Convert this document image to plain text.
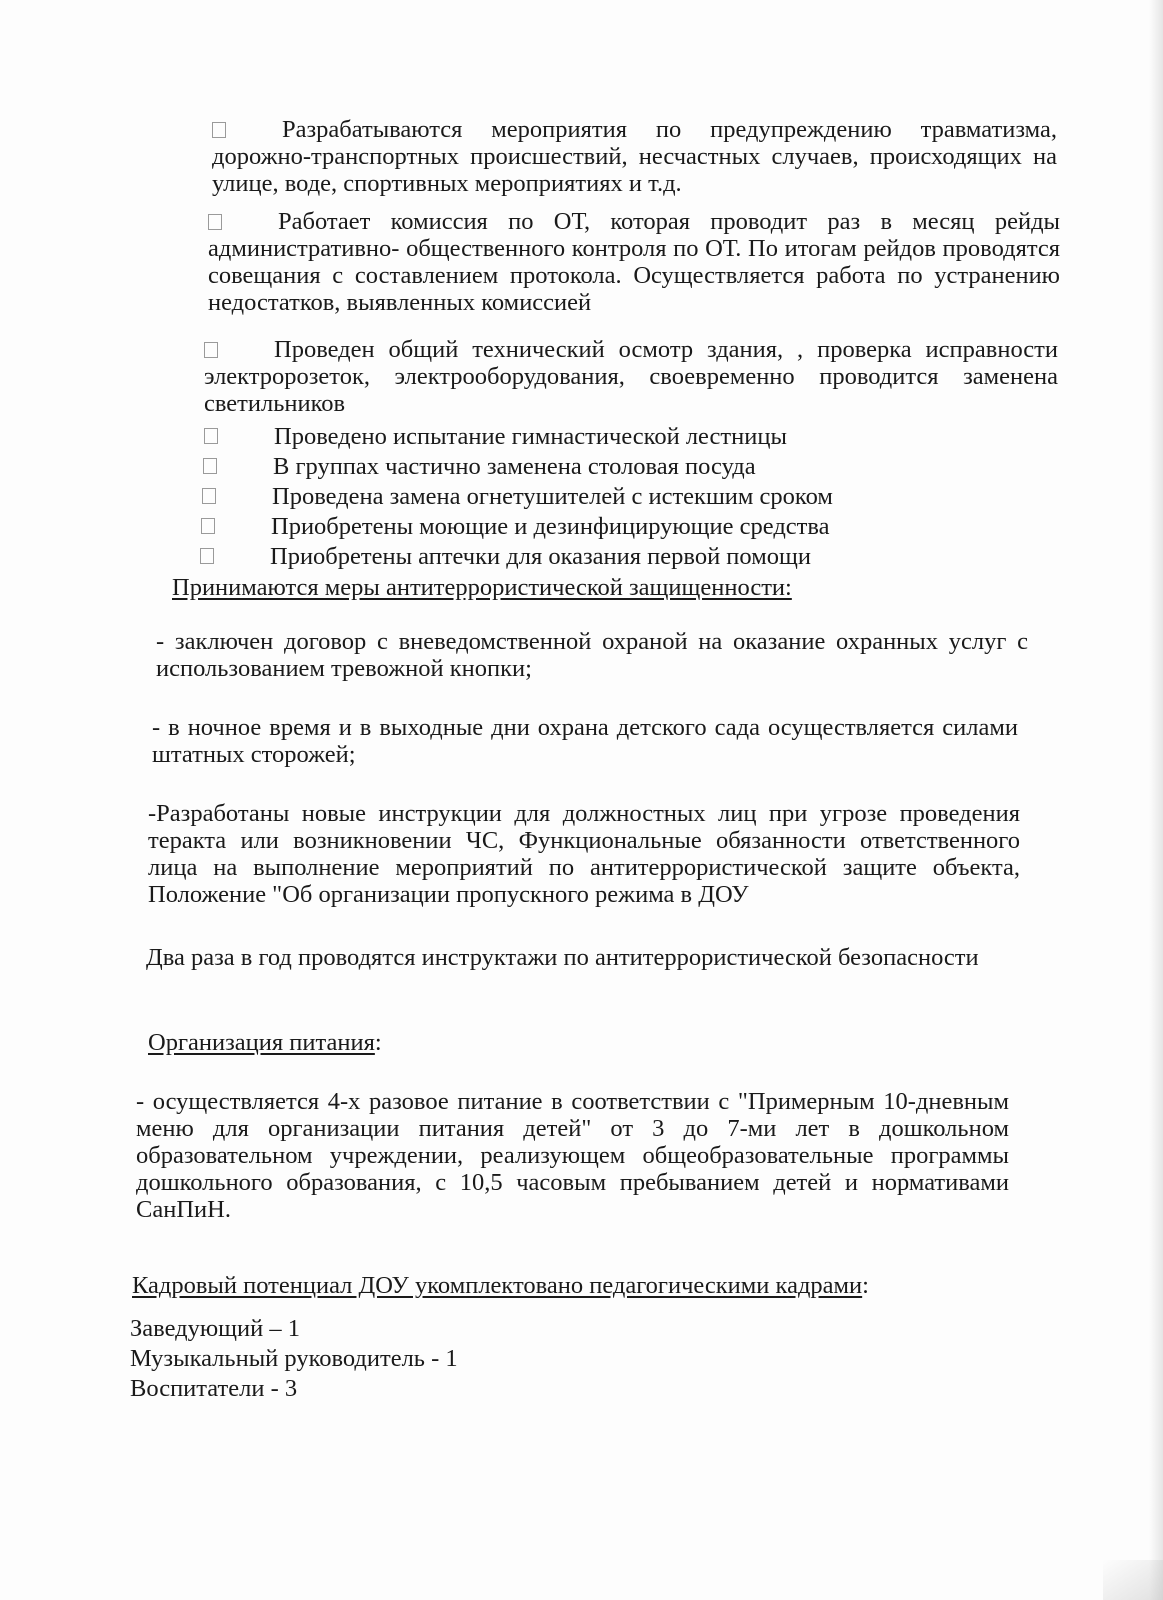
Разрабатываются мероприятия по предупреждению травматизма, дорожно-транспортных происшествий, несчастных случаев, происходящих на улице, воде, спортивных мероприятиях и т.д.
Работает комиссия по ОТ, которая проводит раз в месяц рейды административно- общественного контроля по ОТ. По итогам рейдов проводятся совещания с составлением протокола. Осуществляется работа по устранению недостатков, выявленных комиссией
Проведен общий технический осмотр здания, , проверка исправности электророзеток, электрооборудования, своевременно проводится заменена светильников
Проведено испытание гимнастической лестницы
В группах частично заменена столовая посуда
Проведена замена огнетушителей с истекшим сроком
Приобретены моющие и дезинфицирующие средства
Приобретены аптечки для оказания первой помощи
Принимаются меры антитеррористической защищенности:
- заключен договор с вневедомственной охраной на оказание охранных услуг с использованием тревожной кнопки;
- в ночное время и в выходные дни охрана детского сада осуществляется силами штатных сторожей;
-Разработаны новые инструкции для должностных лиц при угрозе проведения теракта или возникновении ЧС, Функциональные обязанности ответственного лица на выполнение мероприятий по антитеррористической защите объекта, Положение "Об организации пропускного режима в ДОУ
Два раза в год проводятся инструктажи по антитеррористической безопасности
Организация питания:
- осуществляется 4-х разовое питание в соответствии с "Примерным 10-дневным меню для организации питания детей" от 3 до 7-ми лет в дошкольном образовательном учреждении, реализующем общеобразовательные программы дошкольного образования, с 10,5 часовым пребыванием детей и нормативами СанПиН.
Кадровый потенциал ДОУ укомплектовано педагогическими кадрами:
Заведующий – 1
Музыкальный руководитель - 1
Воспитатели - 3
